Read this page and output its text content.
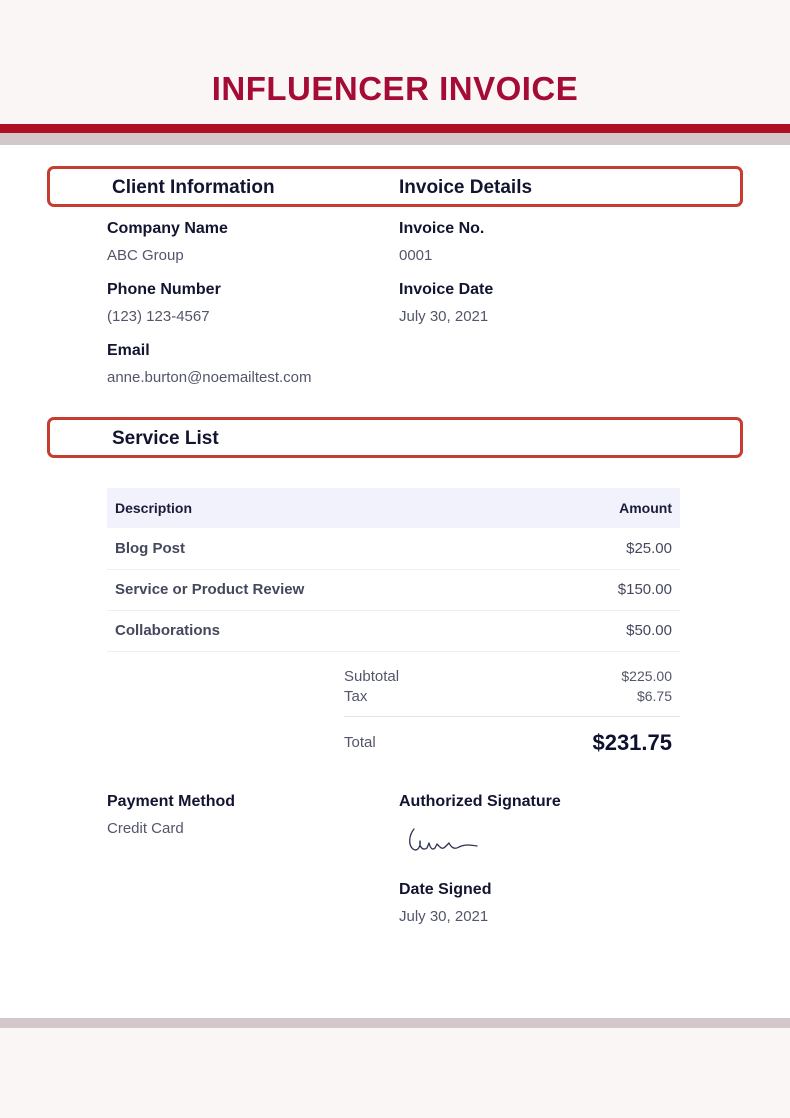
INFLUENCER INVOICE
Client Information	Invoice Details
Company Name
ABC Group
Phone Number
(123) 123-4567
Email
anne.burton@noemailtest.com
Invoice No.
0001
Invoice Date
July 30, 2021
Service List
Description	Amount
Blog Post	$25.00
Service or Product Review	$150.00
Collaborations	$50.00
Subtotal	$225.00
Tax	$6.75
Total	$231.75
Payment Method
Credit Card
Authorized Signature
Date Signed
July 30, 2021
